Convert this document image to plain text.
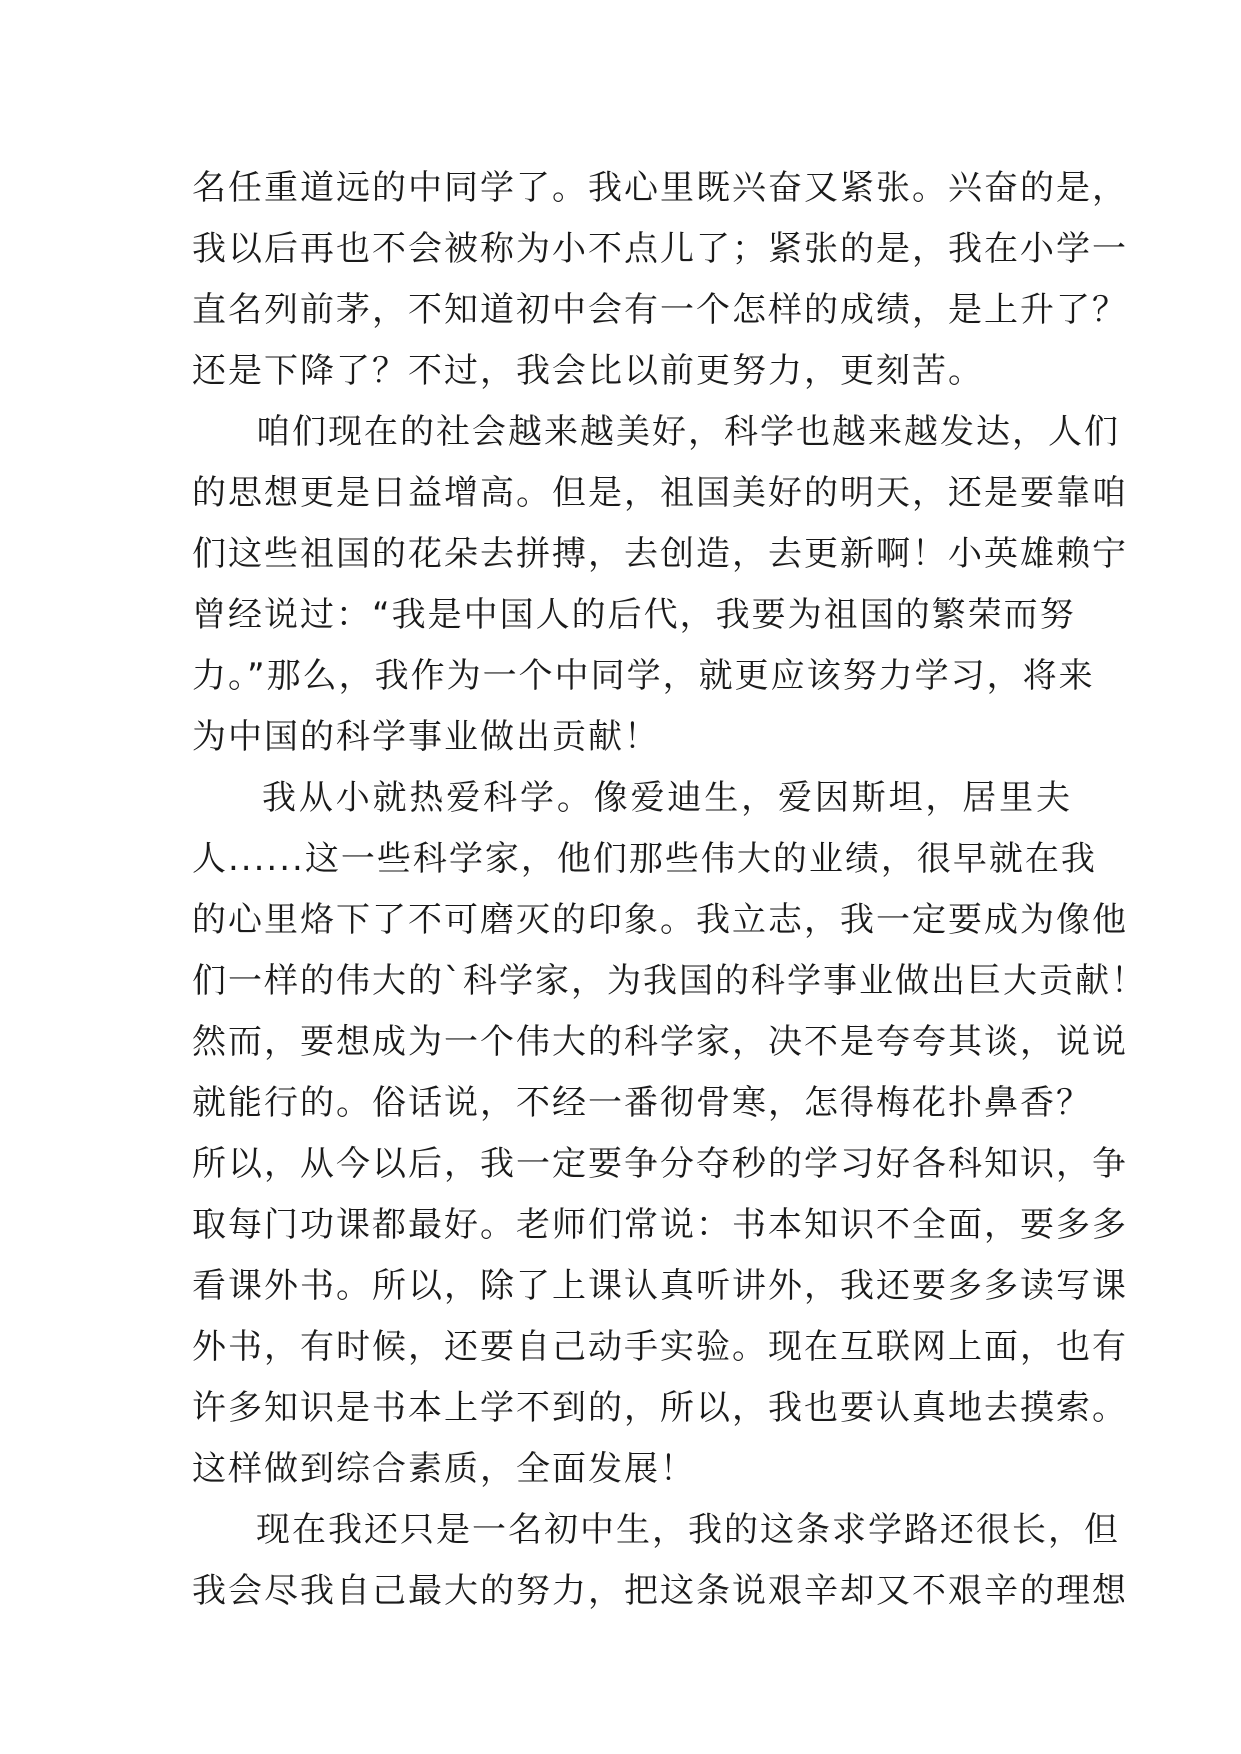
名任重道远的中同学了。我心里既兴奋又紧张。兴奋的是，
我以后再也不会被称为小不点儿了；紧张的是，我在小学一
直名列前茅，不知道初中会有一个怎样的成绩，是上升了？
还是下降了？不过，我会比以前更努力，更刻苦。
咱们现在的社会越来越美好，科学也越来越发达，人们
的思想更是日益增高。但是，祖国美好的明天，还是要靠咱
们这些祖国的花朵去拼搏，去创造，去更新啊！小英雄赖宁
曾经说过：“我是中国人的后代，我要为祖国的繁荣而努
力。”那么，我作为一个中同学，就更应该努力学习，将来
为中国的科学事业做出贡献！
我从小就热爱科学。像爱迪生，爱因斯坦，居里夫
人......这一些科学家，他们那些伟大的业绩，很早就在我
的心里烙下了不可磨灭的印象。我立志，我一定要成为像他
们一样的伟大的`科学家，为我国的科学事业做出巨大贡献！
然而，要想成为一个伟大的科学家，决不是夸夸其谈，说说
就能行的。俗话说，不经一番彻骨寒，怎得梅花扑鼻香？
所以，从今以后，我一定要争分夺秒的学习好各科知识，争
取每门功课都最好。老师们常说：书本知识不全面，要多多
看课外书。所以，除了上课认真听讲外，我还要多多读写课
外书，有时候，还要自己动手实验。现在互联网上面，也有
许多知识是书本上学不到的，所以，我也要认真地去摸索。
这样做到综合素质，全面发展！
现在我还只是一名初中生，我的这条求学路还很长，但
我会尽我自己最大的努力，把这条说艰辛却又不艰辛的理想
